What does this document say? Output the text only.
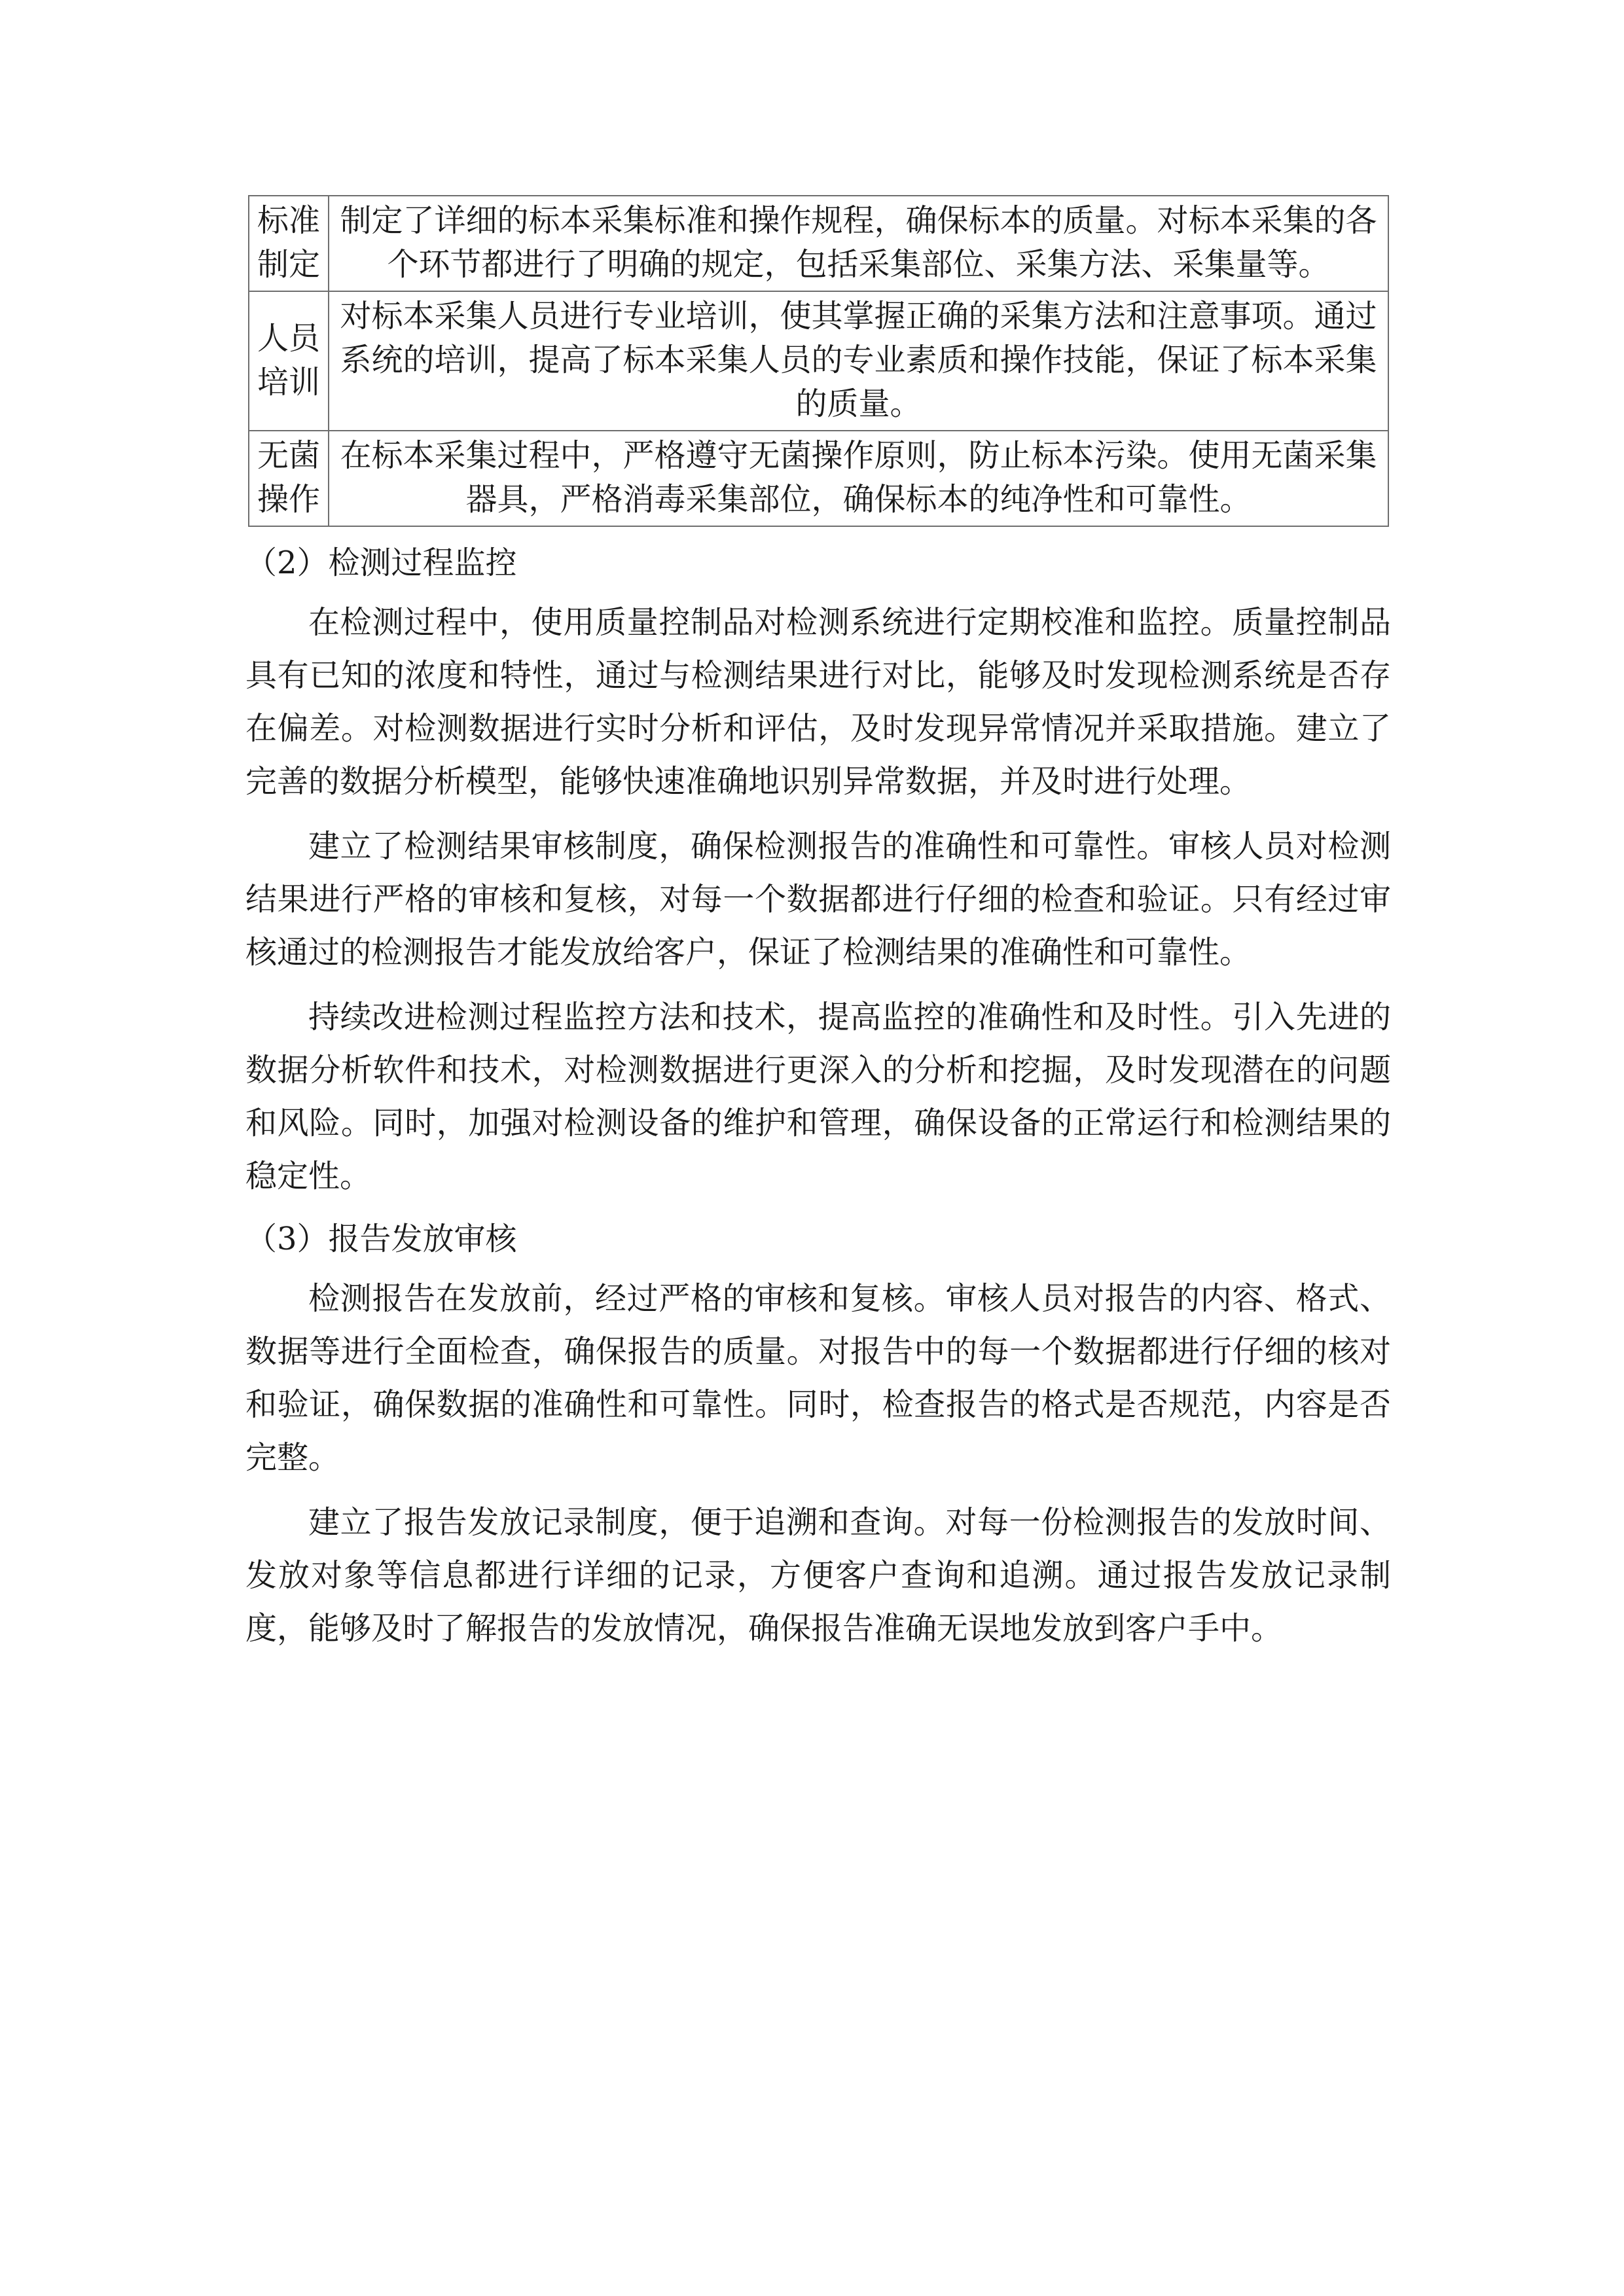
标准制定	制定了详细的标本采集标准和操作规程，确保标本的质量。对标本采集的各个环节都进行了明确的规定，包括采集部位、采集方法、采集量等。
人员培训	对标本采集人员进行专业培训，使其掌握正确的采集方法和注意事项。通过系统的培训，提高了标本采集人员的专业素质和操作技能，保证了标本采集的质量。
无菌操作	在标本采集过程中，严格遵守无菌操作原则，防止标本污染。使用无菌采集器具，严格消毒采集部位，确保标本的纯净性和可靠性。
（2）检测过程监控

在检测过程中，使用质量控制品对检测系统进行定期校准和监控。质量控制品具有已知的浓度和特性，通过与检测结果进行对比，能够及时发现检测系统是否存在偏差。对检测数据进行实时分析和评估，及时发现异常情况并采取措施。建立了完善的数据分析模型，能够快速准确地识别异常数据，并及时进行处理。

建立了检测结果审核制度，确保检测报告的准确性和可靠性。审核人员对检测结果进行严格的审核和复核，对每一个数据都进行仔细的检查和验证。只有经过审核通过的检测报告才能发放给客户，保证了检测结果的准确性和可靠性。

持续改进检测过程监控方法和技术，提高监控的准确性和及时性。引入先进的数据分析软件和技术，对检测数据进行更深入的分析和挖掘，及时发现潜在的问题和风险。同时，加强对检测设备的维护和管理，确保设备的正常运行和检测结果的稳定性。

（3）报告发放审核

检测报告在发放前，经过严格的审核和复核。审核人员对报告的内容、格式、数据等进行全面检查，确保报告的质量。对报告中的每一个数据都进行仔细的核对和验证，确保数据的准确性和可靠性。同时，检查报告的格式是否规范，内容是否完整。

建立了报告发放记录制度，便于追溯和查询。对每一份检测报告的发放时间、发放对象等信息都进行详细的记录，方便客户查询和追溯。通过报告发放记录制度，能够及时了解报告的发放情况，确保报告准确无误地发放到客户手中。
